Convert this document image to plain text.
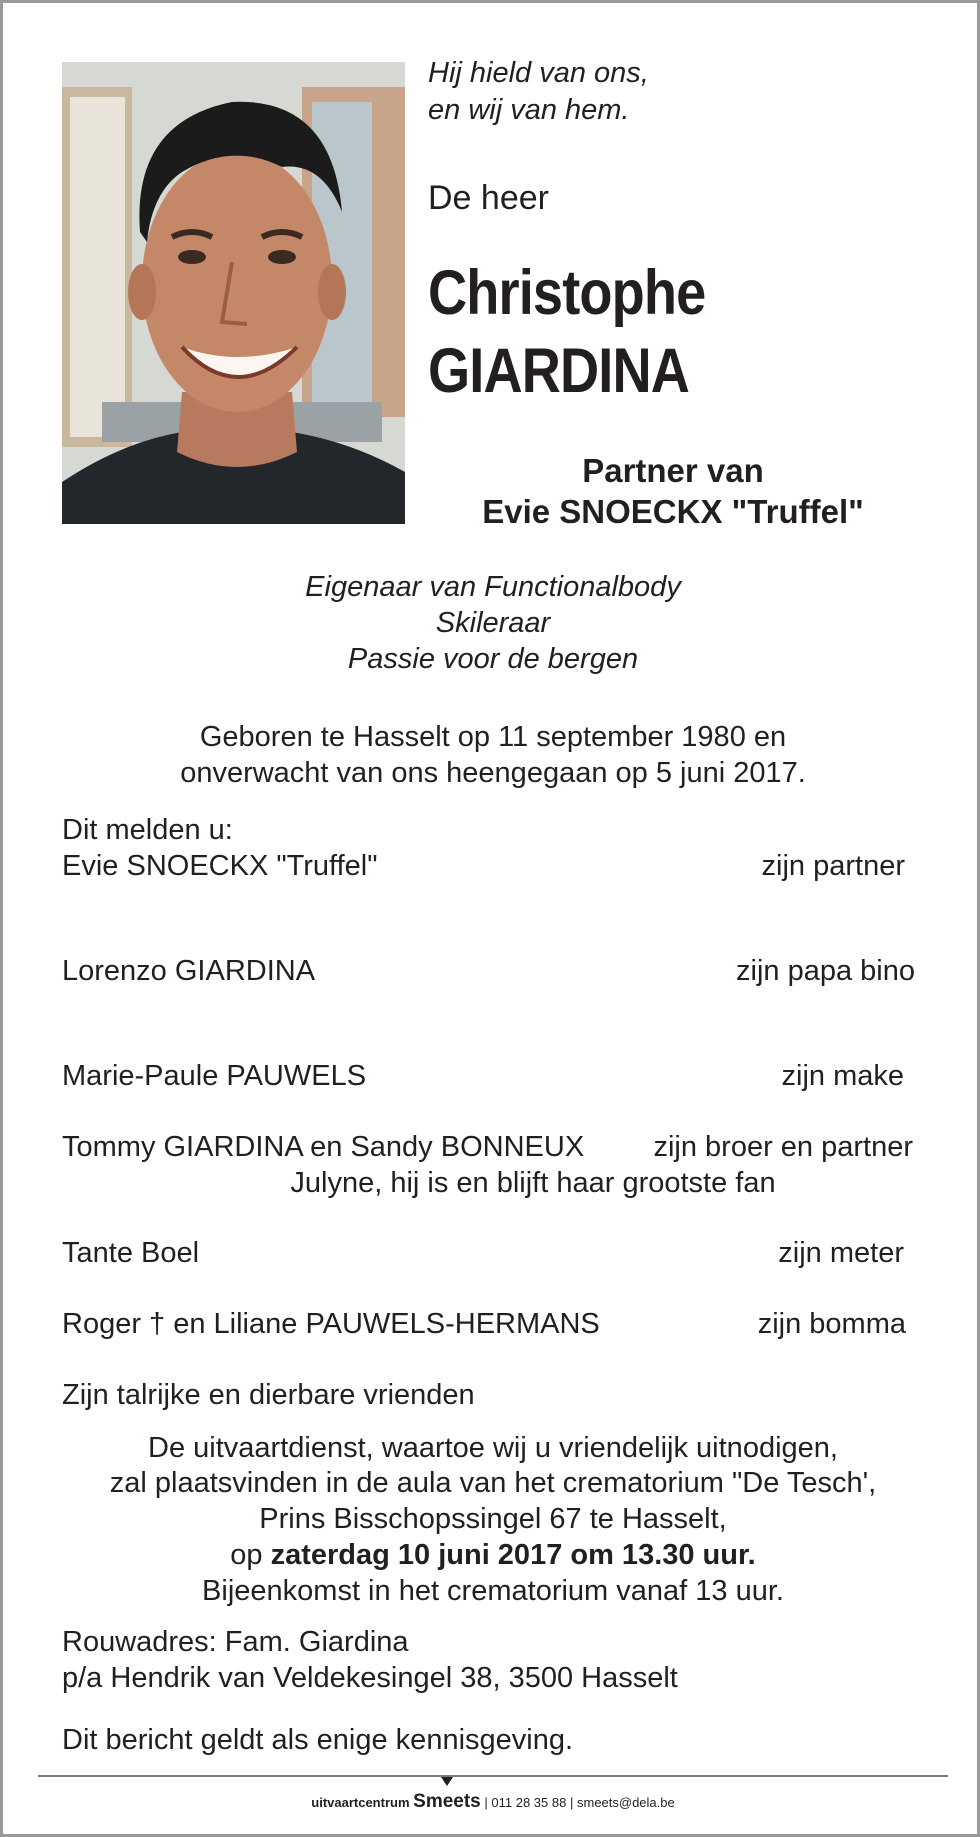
Hij hield van ons,
en wij van hem.
De heer
Christophe
GIARDINA
Partner van
Evie SNOECKX "Truffel"
Eigenaar van Functionalbody
Skileraar
Passie voor de bergen
Geboren te Hasselt op 11 september 1980 en
onverwacht van ons heengegaan op 5 juni 2017.
Dit melden u:
Evie SNOECKX "Truffel"	zijn partner
Lorenzo GIARDINA	zijn papa bino
Marie-Paule PAUWELS	zijn make
Tommy GIARDINA en Sandy BONNEUX zijn broer en partner
Julyne, hij is en blijft haar grootste fan
Tante Boel	zijn meter
Roger † en Liliane PAUWELS-HERMANS	zijn bomma
Zijn talrijke en dierbare vrienden
De uitvaartdienst, waartoe wij u vriendelijk uitnodigen,
zal plaatsvinden in de aula van het crematorium "De Tesch',
Prins Bisschopssingel 67 te Hasselt,
op zaterdag 10 juni 2017 om 13.30 uur.
Bijeenkomst in het crematorium vanaf 13 uur.
Rouwadres: Fam. Giardina
p/a Hendrik van Veldekesingel 38, 3500 Hasselt
Dit bericht geldt als enige kennisgeving.
uitvaartcentrum Smeets | 011 28 35 88 | smeets@dela.be
